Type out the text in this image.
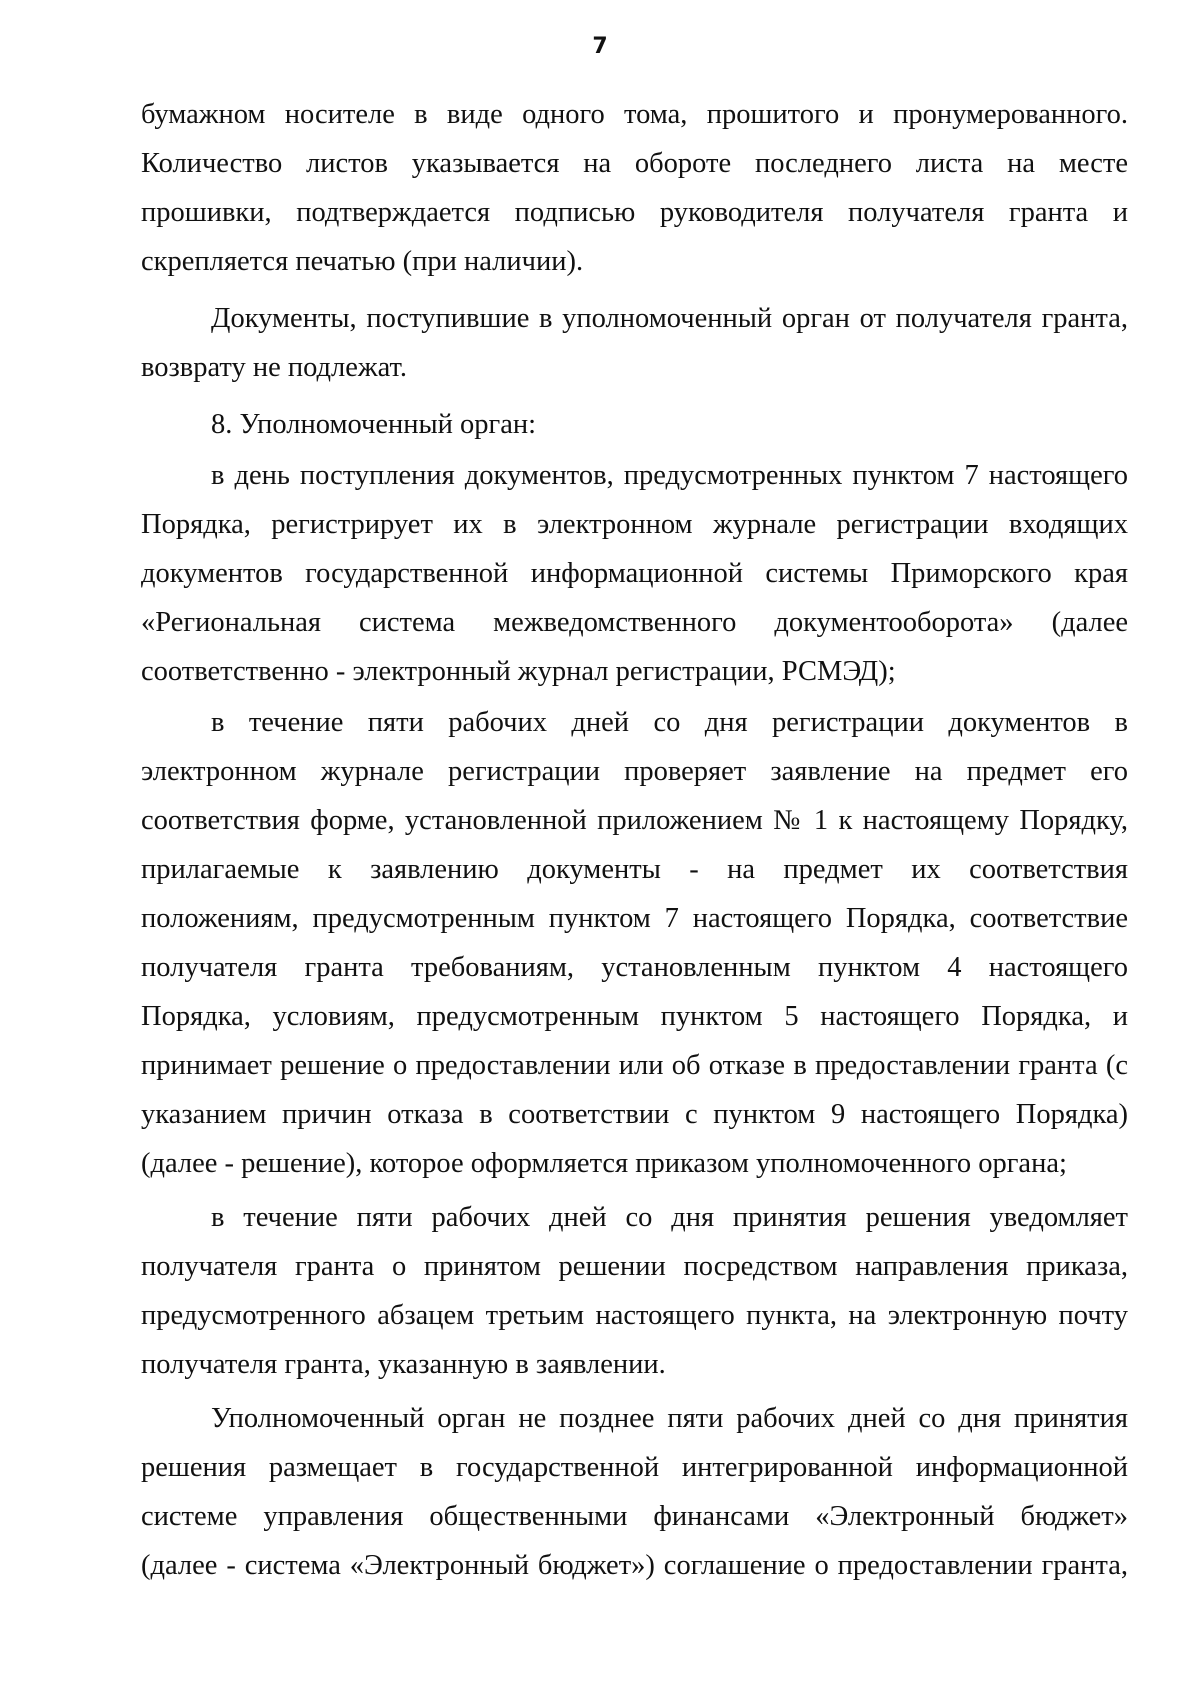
7
бумажном носителе в виде одного тома, прошитого и пронумерованного.
Количество листов указывается на обороте последнего листа на месте
прошивки, подтверждается подписью руководителя получателя гранта и
скрепляется печатью (при наличии).
Документы, поступившие в уполномоченный орган от получателя гранта,
возврату не подлежат.
8. Уполномоченный орган:
в день поступления документов, предусмотренных пунктом 7 настоящего
Порядка, регистрирует их в электронном журнале регистрации входящих
документов государственной информационной системы Приморского края
«Региональная система межведомственного документооборота» (далее
соответственно - электронный журнал регистрации, РСМЭД);
в течение пяти рабочих дней со дня регистрации документов в
электронном журнале регистрации проверяет заявление на предмет его
соответствия форме, установленной приложением № 1 к настоящему Порядку,
прилагаемые к заявлению документы - на предмет их соответствия
положениям, предусмотренным пунктом 7 настоящего Порядка, соответствие
получателя гранта требованиям, установленным пунктом 4 настоящего
Порядка, условиям, предусмотренным пунктом 5 настоящего Порядка, и
принимает решение о предоставлении или об отказе в предоставлении гранта (с
указанием причин отказа в соответствии с пунктом 9 настоящего Порядка)
(далее - решение), которое оформляется приказом уполномоченного органа;
в течение пяти рабочих дней со дня принятия решения уведомляет
получателя гранта о принятом решении посредством направления приказа,
предусмотренного абзацем третьим настоящего пункта, на электронную почту
получателя гранта, указанную в заявлении.
Уполномоченный орган не позднее пяти рабочих дней со дня принятия
решения размещает в государственной интегрированной информационной
системе управления общественными финансами «Электронный бюджет»
(далее - система «Электронный бюджет») соглашение о предоставлении гранта,
